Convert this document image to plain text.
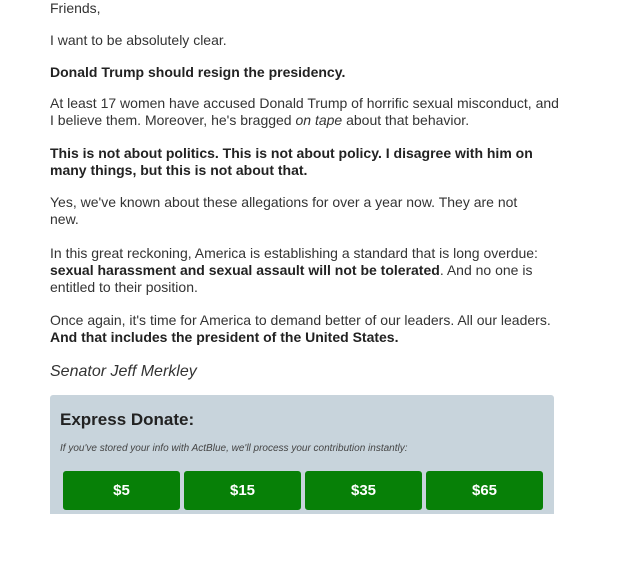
Friends,

I want to be absolutely clear.

Donald Trump should resign the presidency.

At least 17 women have accused Donald Trump of horrific sexual misconduct, and I believe them. Moreover, he's bragged on tape about that behavior.

This is not about politics. This is not about policy. I disagree with him on many things, but this is not about that.

Yes, we've known about these allegations for over a year now. They are not new.

In this great reckoning, America is establishing a standard that is long overdue:
sexual harassment and sexual assault will not be tolerated. And no one is entitled to their position.

Once again, it's time for America to demand better of our leaders. All our leaders.
And that includes the president of the United States.

Senator Jeff Merkley

Express Donate:

If you've stored your info with ActBlue, we'll process your contribution instantly:

$5	$15	$35	$65
